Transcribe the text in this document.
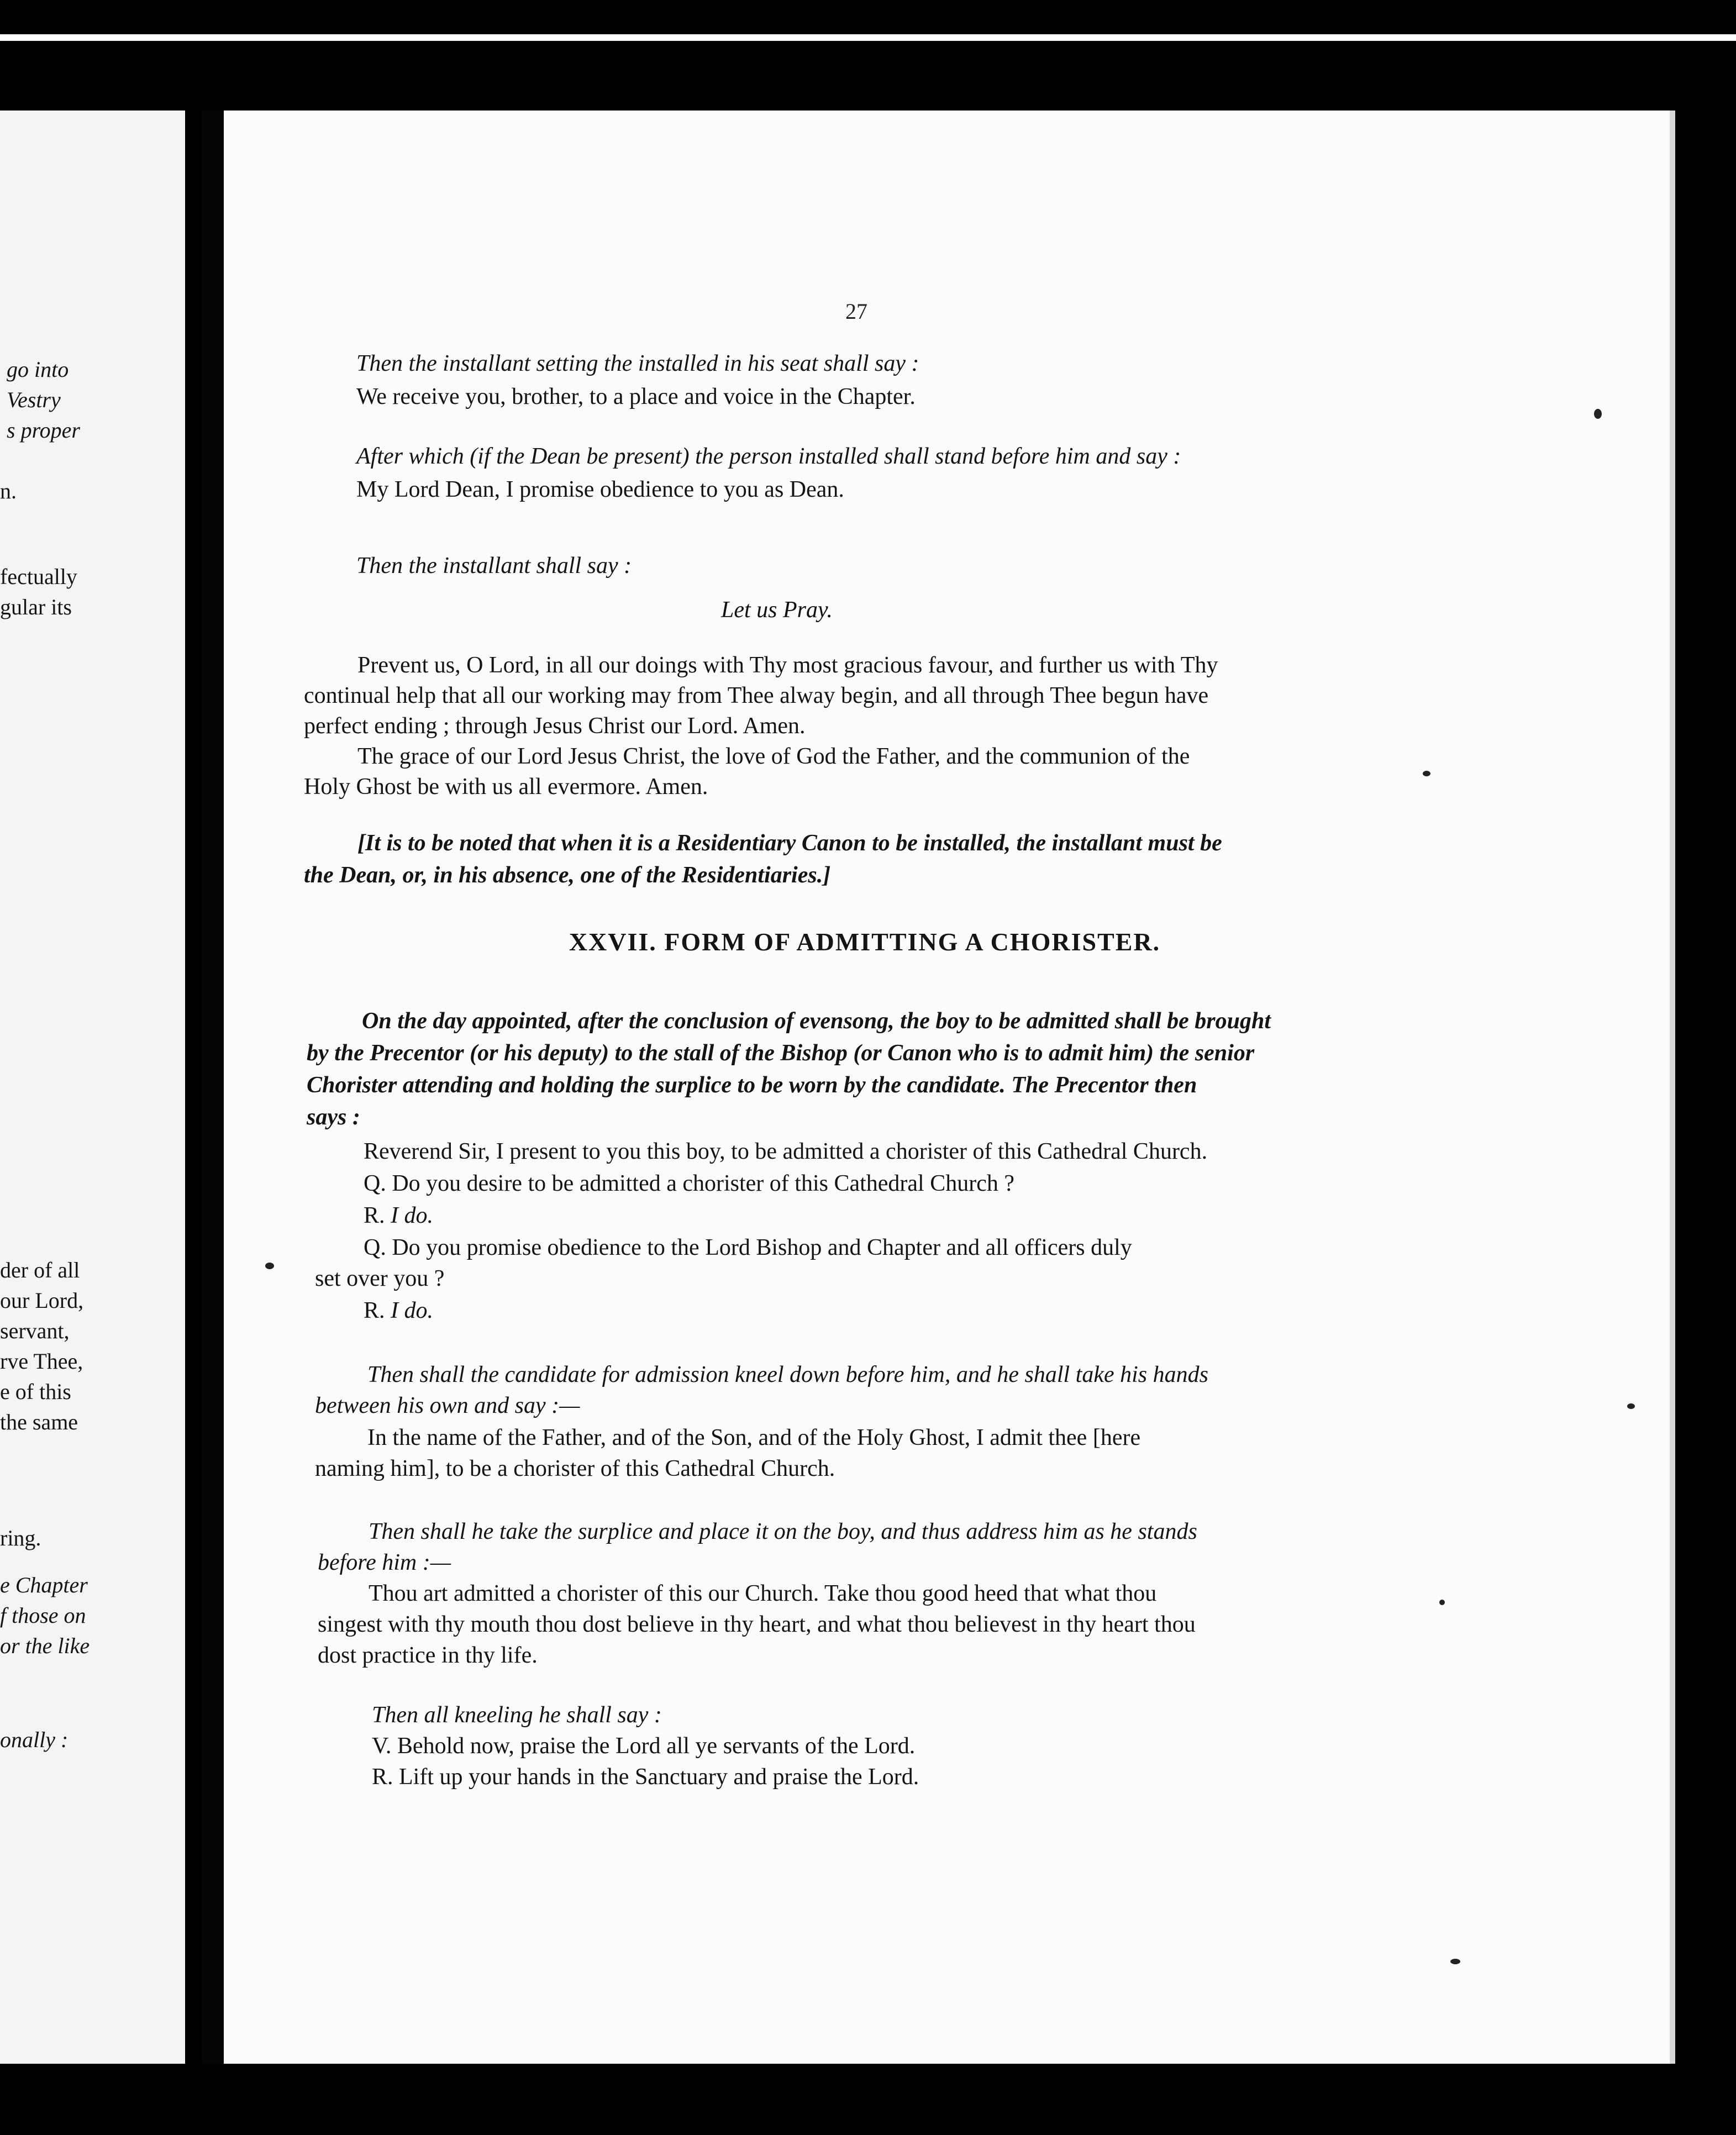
go into
Vestry
s proper
n.
fectually
gular its
der of all
our Lord,
servant,
rve Thee,
e of this
the same
ring.
e Chapter
f those on
or the like
onally :
27
Then the installant setting the installed in his seat shall say :
We receive you, brother, to a place and voice in the Chapter.
After which (if the Dean be present) the person installed shall stand before him and say :
My Lord Dean, I promise obedience to you as Dean.
Then the installant shall say :
Let us Pray.
Prevent us, O Lord, in all our doings with Thy most gracious favour, and further us with Thy
continual help that all our working may from Thee alway begin, and all through Thee begun have
perfect ending ; through Jesus Christ our Lord. Amen.
The grace of our Lord Jesus Christ, the love of God the Father, and the communion of the
Holy Ghost be with us all evermore. Amen.
[It is to be noted that when it is a Residentiary Canon to be installed, the installant must be
the Dean, or, in his absence, one of the Residentiaries.]
XXVII. FORM OF ADMITTING A CHORISTER.
On the day appointed, after the conclusion of evensong, the boy to be admitted shall be brought
by the Precentor (or his deputy) to the stall of the Bishop (or Canon who is to admit him) the senior
Chorister attending and holding the surplice to be worn by the candidate. The Precentor then
says :
Reverend Sir, I present to you this boy, to be admitted a chorister of this Cathedral Church.
Q. Do you desire to be admitted a chorister of this Cathedral Church ?
R. I do.
Q. Do you promise obedience to the Lord Bishop and Chapter and all officers duly
set over you ?
R. I do.
Then shall the candidate for admission kneel down before him, and he shall take his hands
between his own and say :—
In the name of the Father, and of the Son, and of the Holy Ghost, I admit thee [here
naming him], to be a chorister of this Cathedral Church.
Then shall he take the surplice and place it on the boy, and thus address him as he stands
before him :—
Thou art admitted a chorister of this our Church. Take thou good heed that what thou
singest with thy mouth thou dost believe in thy heart, and what thou believest in thy heart thou
dost practice in thy life.
Then all kneeling he shall say :
V. Behold now, praise the Lord all ye servants of the Lord.
R. Lift up your hands in the Sanctuary and praise the Lord.
